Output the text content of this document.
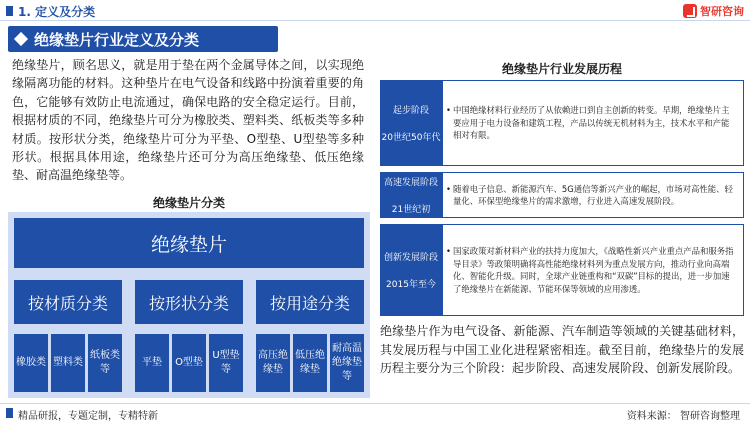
1. 定义及分类	智研咨询
绝缘垫片行业定义及分类
绝缘垫片，顾名思义，就是用于垫在两个金属导体之间，以实现绝缘隔离功能的材料。这种垫片在电气设备和线路中扮演着重要的角色，它能够有效防止电流通过，确保电路的安全稳定运行。目前，根据材质的不同，绝缘垫片可分为橡胶类、塑料类、纸板类等多种材质。按形状分类，绝缘垫片可分为平垫、O型垫、U型垫等多种形状。根据具体用途，绝缘垫片还可分为高压绝缘垫、低压绝缘垫、耐高温绝缘垫等。
绝缘垫片分类
绝缘垫片
按材质分类	按形状分类	按用途分类
橡胶类 塑料类
纸板类等
平垫	O型垫
U型垫等
高压绝缘垫
低压绝缘垫
耐高温绝缘垫等
绝缘垫片行业发展历程
起步阶段
20世纪50年代
• 中国绝缘材料行业经历了从依赖进口到自主创新的转变。早期，绝缘垫片主要应用于电力设备和建筑工程，产品以传统无机材料为主，技术水平和产能相对有限。
高速发展阶段
21世纪初
• 随着电子信息、新能源汽车、5G通信等新兴产业的崛起，市场对高性能、轻量化、环保型绝缘垫片的需求激增，行业进入高速发展阶段。
创新发展阶段
2015年至今
• 国家政策对新材料产业的扶持力度加大，《战略性新兴产业重点产品和服务指导目录》等政策明确将高性能绝缘材料列为重点发展方向，推动行业向高端化、智能化升级。同时，全球产业链重构和“双碳”目标的提出，进一步加速了绝缘垫片在新能源、节能环保等领域的应用渗透。
绝缘垫片作为电气设备、新能源、汽车制造等领域的关键基础材料，其发展历程与中国工业化进程紧密相连。截至目前，绝缘垫片的发展历程主要分为三个阶段：起步阶段、高速发展阶段、创新发展阶段。
精品研报，专题定制，专精特新	资料来源： 智研咨询整理
